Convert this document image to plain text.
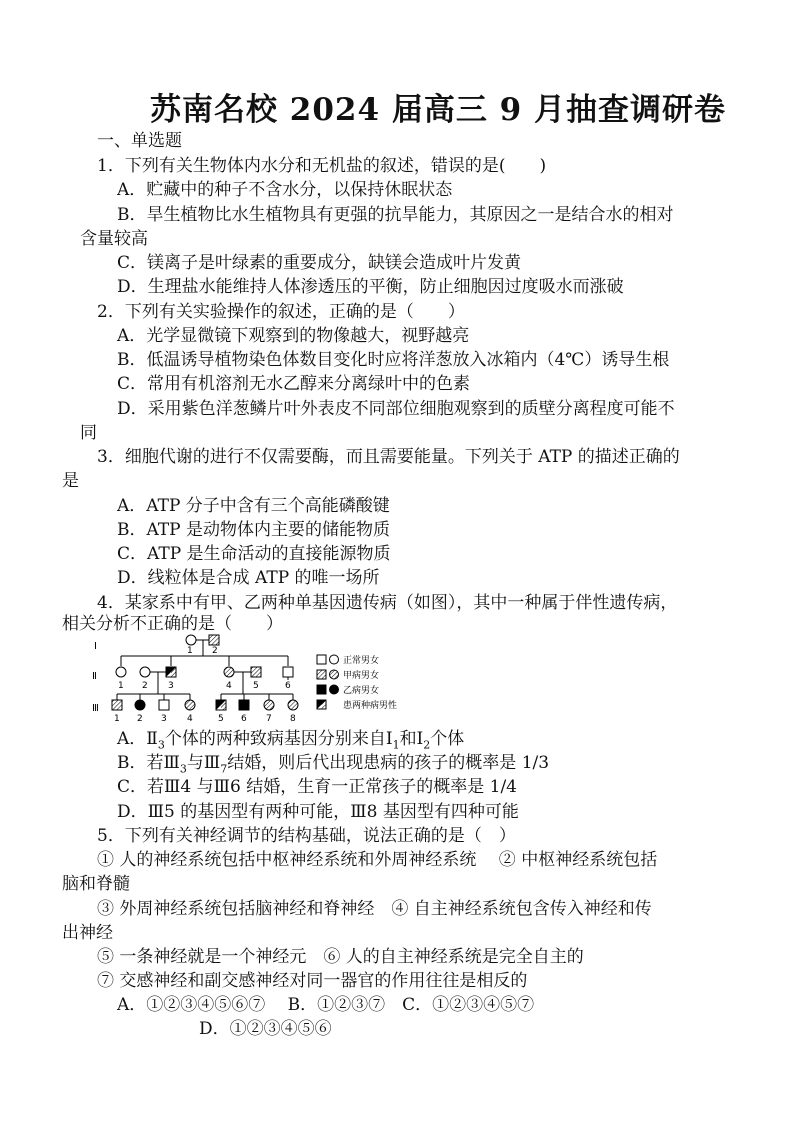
苏南名校 2024 届高三 9 月抽查调研卷
一、单选题
1．下列有关生物体内水分和无机盐的叙述，错误的是(　　)
A．贮藏中的种子不含水分，以保持休眠状态
B．旱生植物比水生植物具有更强的抗旱能力，其原因之一是结合水的相对
含量较高
C．镁离子是叶绿素的重要成分，缺镁会造成叶片发黄
D．生理盐水能维持人体渗透压的平衡，防止细胞因过度吸水而涨破
2．下列有关实验操作的叙述，正确的是（　　）
A．光学显微镜下观察到的物像越大，视野越亮
B．低温诱导植物染色体数目变化时应将洋葱放入冰箱内（4℃）诱导生根
C．常用有机溶剂无水乙醇来分离绿叶中的色素
D．采用紫色洋葱鳞片叶外表皮不同部位细胞观察到的质壁分离程度可能不
同
3．细胞代谢的进行不仅需要酶，而且需要能量。下列关于 ATP 的描述正确的
是
A．ATP 分子中含有三个高能磷酸键
B．ATP 是动物体内主要的储能物质
C．ATP 是生命活动的直接能源物质
D．线粒体是合成 ATP 的唯一场所
4．某家系中有甲、乙两种单基因遗传病（如图），其中一种属于伴性遗传病，
相关分析不正确的是（　　）
I
Ⅱ
Ⅲ
1 2
1 2 3	4 5	6
1 2 3 4	5 6 7 8
正常男女
甲病男女
乙病男女
患两种病男性
A．$Ⅱ_3$个体的两种致病基因分别来自$I_1$和$I_2$个体
B．若$Ⅲ_3$与$Ⅲ_7$结婚，则后代出现患病的孩子的概率是 1/3
C．若Ⅲ4 与Ⅲ6 结婚，生育一正常孩子的概率是 1/4
D．Ⅲ5 的基因型有两种可能，Ⅲ8 基因型有四种可能
5．下列有关神经调节的结构基础，说法正确的是（　）
① 人的神经系统包括中枢神经系统和外周神经系统　 ② 中枢神经系统包括
脑和脊髓
③ 外周神经系统包括脑神经和脊神经　④ 自主神经系统包含传入神经和传
出神经
⑤ 一条神经就是一个神经元　⑥ 人的自主神经系统是完全自主的
⑦ 交感神经和副交感神经对同一器官的作用往往是相反的
A．①②③④⑤⑥⑦　 B．①②③⑦　C．①②③④⑤⑦
D．①②③④⑤⑥
